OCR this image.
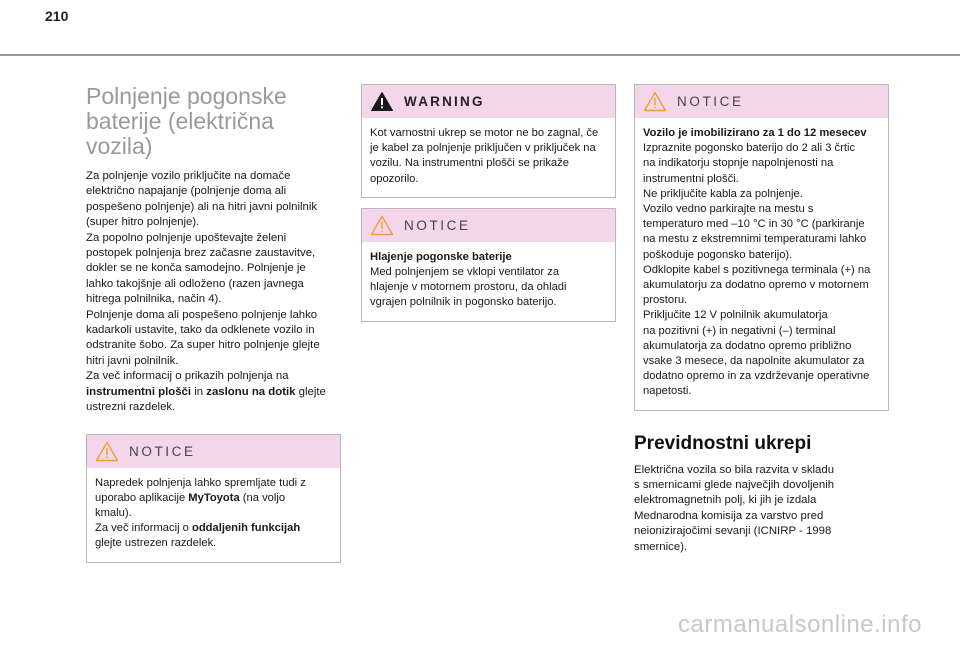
210
Polnjenje pogonske
baterije (električna vozila)

Za polnjenje vozilo priključite na domače
električno napajanje (polnjenje doma ali
pospešeno polnjenje) ali na hitri javni polnilnik
(super hitro polnjenje).

Za popolno polnjenje upoštevajte želeni
postopek polnjenja brez začasne zaustavitve,
dokler se ne konča samodejno. Polnjenje je
lahko takojšnje ali odloženo (razen javnega
hitrega polnilnika, način 4).

Polnjenje doma ali pospešeno polnjenje lahko
kadarkoli ustavite, tako da odklenete vozilo in
odstranite šobo. Za super hitro polnjenje glejte
hitri javni polnilnik.

Za več informacij o prikazih polnjenja na
instrumentni plošči in zaslonu na dotik glejte
ustrezni razdelek.

NOTICE

Napredek polnjenja lahko spremljate tudi z
uporabo aplikacije MyToyota (na voljo
kmalu).

Za več informacij o oddaljenih funkcijah
glejte ustrezen razdelek.

WARNING

Kot varnostni ukrep se motor ne bo zagnal, če
je kabel za polnjenje priključen v priključek na
vozilu. Na instrumentni plošči se prikaže
opozorilo.

NOTICE

Hlajenje pogonske baterije

Med polnjenjem se vklopi ventilator za
hlajenje v motornem prostoru, da ohladi
vgrajen polnilnik in pogonsko baterijo.

NOTICE

Vozilo je imobilizirano za 1 do 12 mesecev

Izpraznite pogonsko baterijo do 2 ali 3 črtic
na indikatorju stopnje napolnjenosti na
instrumentni plošči.

Ne priključite kabla za polnjenje.

Vozilo vedno parkirajte na mestu s
temperaturo med –10 °C in 30 °C (parkiranje
na mestu z ekstremnimi temperaturami lahko
poškoduje pogonsko baterijo).

Odklopite kabel s pozitivnega terminala (+) na
akumulatorju za dodatno opremo v motornem
prostoru.

Priključite 12 V polnilnik akumulatorja
na pozitivni (+) in negativni (–) terminal
akumulatorja za dodatno opremo približno
vsake 3 mesece, da napolnite akumulator za
dodatno opremo in za vzdrževanje operativne
napetosti.

Previdnostni ukrepi

Električna vozila so bila razvita v skladu
s smernicami glede največjih dovoljenih
elektromagnetnih polj, ki jih je izdala
Mednarodna komisija za varstvo pred
neionizirajočimi sevanji (ICNIRP - 1998
smernice).

carmanualsonline.info
